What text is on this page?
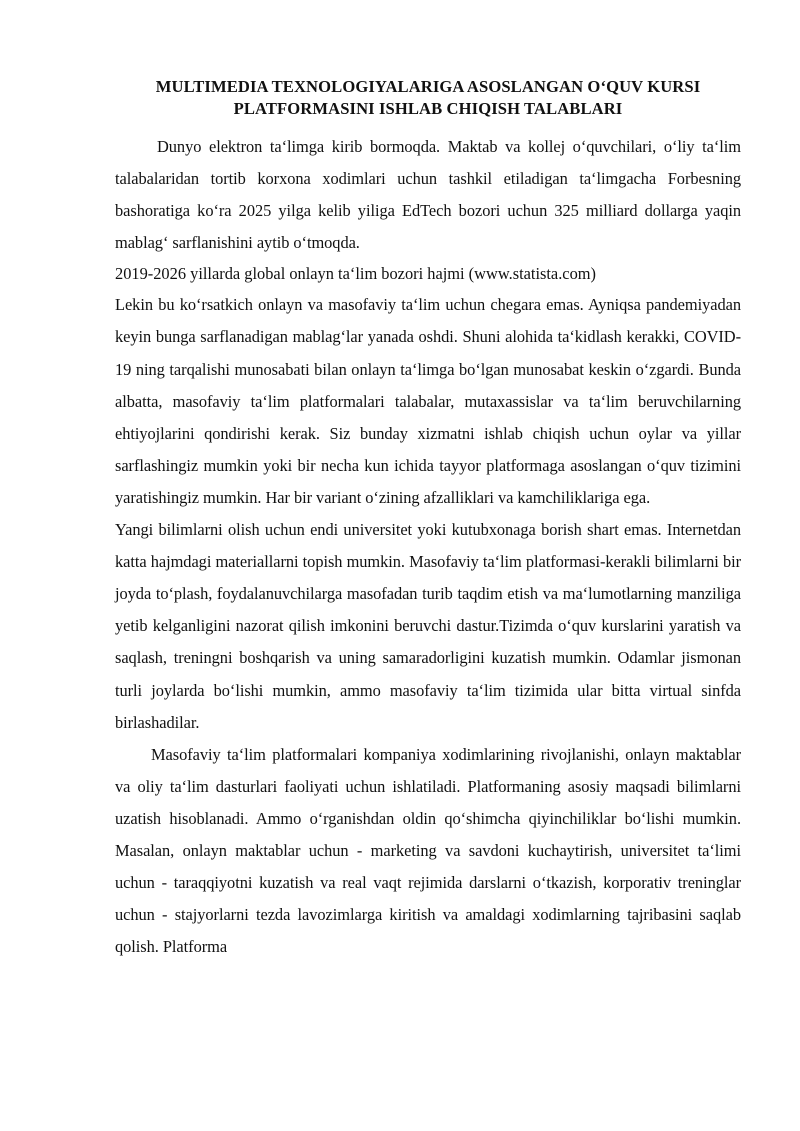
MULTIMEDIA TEXNOLOGIYALARIGA ASOSLANGAN O‘QUV KURSI
PLATFORMASINI ISHLAB CHIQISH TALABLARI

Dunyo elektron ta‘limga kirib bormoqda. Maktab va kollej o‘quvchilari, o‘liy ta‘lim talabalaridan tortib korxona xodimlari uchun tashkil etiladigan ta‘limgacha Forbesning bashoratiga ko‘ra 2025 yilga kelib yiliga EdTech bozori uchun 325 milliard dollarga yaqin mablag‘ sarflanishini aytib o‘tmoqda.

2019-2026 yillarda global onlayn ta‘lim bozori hajmi (www.statista.com)

Lekin bu ko‘rsatkich onlayn va masofaviy ta‘lim uchun chegara emas. Ayniqsa pandemiyadan keyin bunga sarflanadigan mablag‘lar yanada oshdi. Shuni alohida ta‘kidlash kerakki, COVID-19 ning tarqalishi munosabati bilan onlayn ta‘limga bo‘lgan munosabat keskin o‘zgardi. Bunda albatta, masofaviy ta‘lim platformalari talabalar, mutaxassislar va ta‘lim beruvchilarning ehtiyojlarini qondirishi kerak. Siz bunday xizmatni ishlab chiqish uchun oylar va yillar sarflashingiz mumkin yoki bir necha kun ichida tayyor platformaga asoslangan o‘quv tizimini yaratishingiz mumkin. Har bir variant o‘zining afzalliklari va kamchiliklariga ega.

Yangi bilimlarni olish uchun endi universitet yoki kutubxonaga borish shart emas. Internetdan katta hajmdagi materiallarni topish mumkin. Masofaviy ta‘lim platformasi-kerakli bilimlarni bir joyda to‘plash, foydalanuvchilarga masofadan turib taqdim etish va ma‘lumotlarning manziliga yetib kelganligini nazorat qilish imkonini beruvchi dastur.Tizimda o‘quv kurslarini yaratish va saqlash, treningni boshqarish va uning samaradorligini kuzatish mumkin. Odamlar jismonan turli joylarda bo‘lishi mumkin, ammo masofaviy ta‘lim tizimida ular bitta virtual sinfda birlashadilar.

Masofaviy ta‘lim platformalari kompaniya xodimlarining rivojlanishi, onlayn maktablar va oliy ta‘lim dasturlari faoliyati uchun ishlatiladi. Platformaning asosiy maqsadi bilimlarni uzatish hisoblanadi. Ammo o‘rganishdan oldin qo‘shimcha qiyinchiliklar bo‘lishi mumkin. Masalan, onlayn maktablar uchun - marketing va savdoni kuchaytirish, universitet ta‘limi uchun - taraqqiyotni kuzatish va real vaqt rejimida darslarni o‘tkazish, korporativ treninglar uchun - stajyorlarni tezda lavozimlarga kiritish va amaldagi xodimlarning tajribasini saqlab qolish. Platforma
